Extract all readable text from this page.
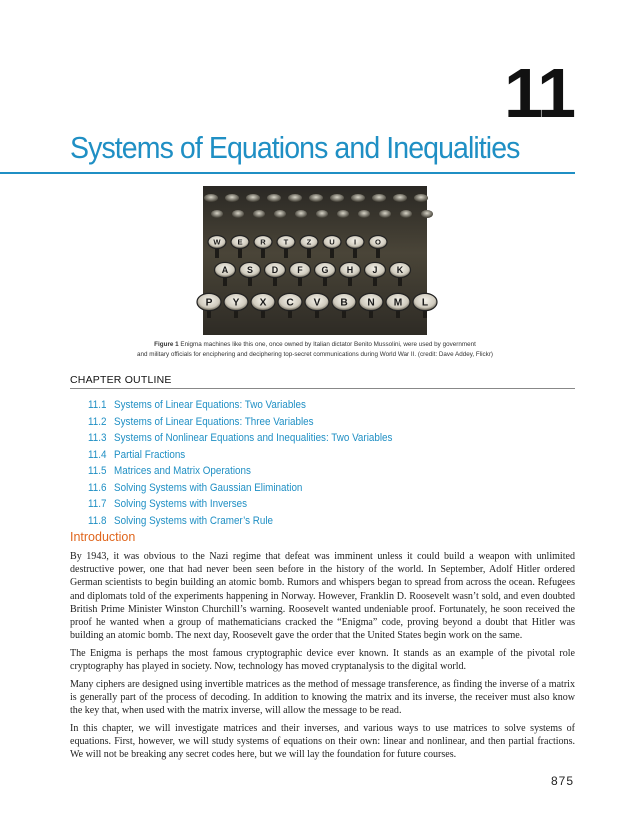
11
Systems of Equations and Inequalities
W E R T Z U	I O
A S D F G H J K
P Y X C V B N M L
Figure 1 Enigma machines like this one, once owned by Italian dictator Benito Mussolini, were used by government
and military officials for enciphering and deciphering top-secret communications during World War II. (credit: Dave Addey, Flickr)
CHAPTER OUTLINE
11.1 Systems of Linear Equations: Two Variables
11.2 Systems of Linear Equations: Three Variables
11.3 Systems of Nonlinear Equations and Inequalities: Two Variables
11.4 Partial Fractions
11.5 Matrices and Matrix Operations
11.6 Solving Systems with Gaussian Elimination
11.7 Solving Systems with Inverses
11.8 Solving Systems with Cramer’s Rule
Introduction

By 1943, it was obvious to the Nazi regime that defeat was imminent unless it could build a weapon with unlimited destructive power, one that had never been seen before in the history of the world. In September, Adolf Hitler ordered German scientists to begin building an atomic bomb. Rumors and whispers began to spread from across the ocean. Refugees and diplomats told of the experiments happening in Norway. However, Franklin D. Roosevelt wasn’t sold, and even doubted British Prime Minister Winston Churchill’s warning. Roosevelt wanted undeniable proof. Fortunately, he soon received the proof he wanted when a group of mathematicians cracked the “Enigma” code, proving beyond a doubt that Hitler was building an atomic bomb. The next day, Roosevelt gave the order that the United States begin work on the same.

The Enigma is perhaps the most famous cryptographic device ever known. It stands as an example of the pivotal role cryptography has played in society. Now, technology has moved cryptanalysis to the digital world.

Many ciphers are designed using invertible matrices as the method of message transference, as finding the inverse of a matrix is generally part of the process of decoding. In addition to knowing the matrix and its inverse, the receiver must also know the key that, when used with the matrix inverse, will allow the message to be read.

In this chapter, we will investigate matrices and their inverses, and various ways to use matrices to solve systems of equations. First, however, we will study systems of equations on their own: linear and nonlinear, and then partial fractions. We will not be breaking any secret codes here, but we will lay the foundation for future courses.

875
